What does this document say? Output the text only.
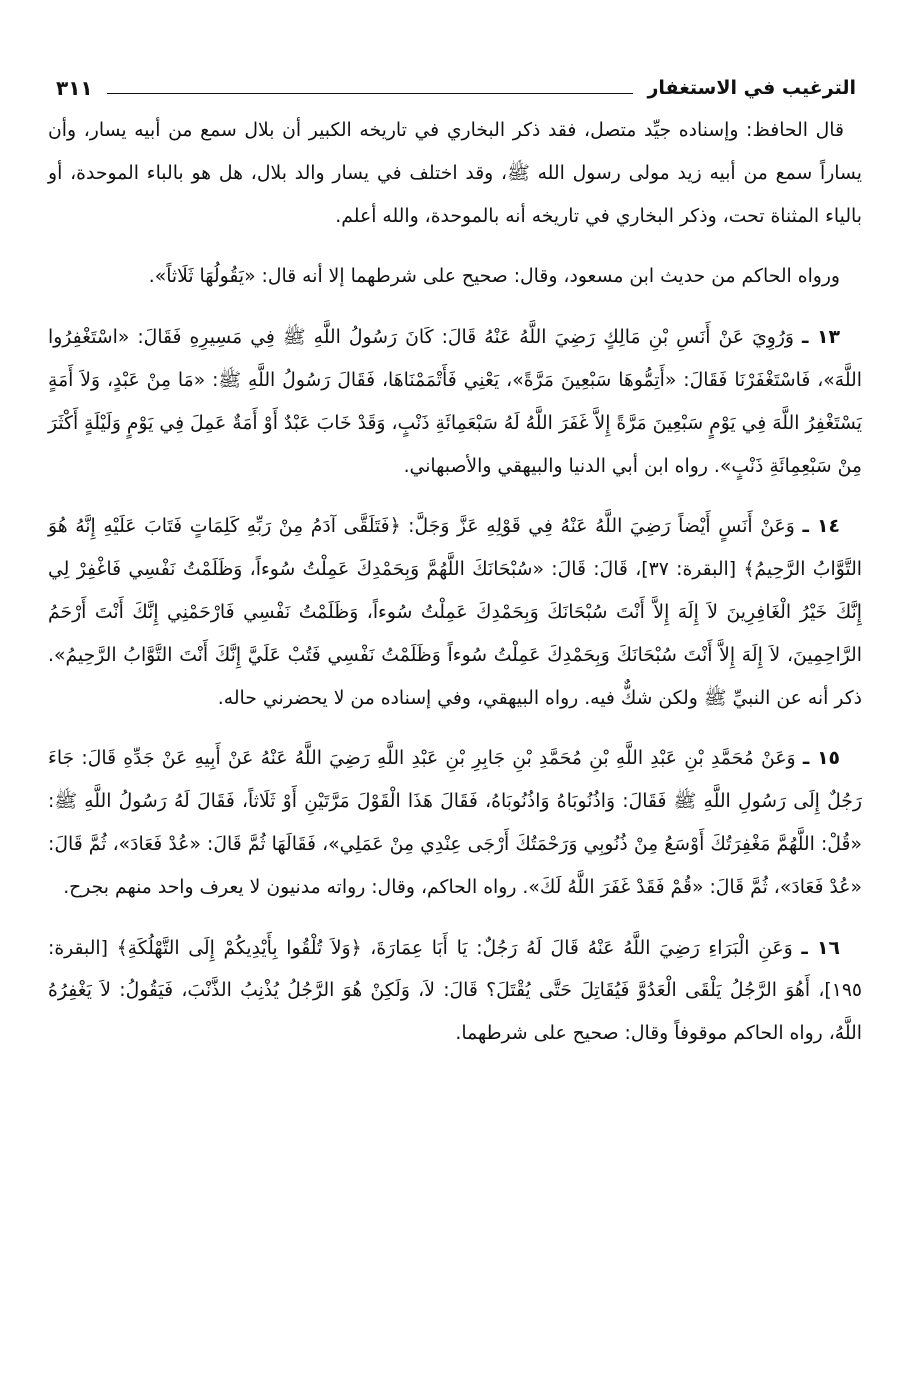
الترغيب في الاستغفار
٣١١

قال الحافظ: وإسناده جيِّد متصل، فقد ذكر البخاري في تاريخه الكبير أن بلال سمع من أبيه يسار، وأن يساراً سمع من أبيه زيد مولى رسول الله ﷺ، وقد اختلف في يسار والد بلال، هل هو بالباء الموحدة، أو بالياء المثناة تحت، وذكر البخاري في تاريخه أنه بالموحدة، والله أعلم.

ورواه الحاكم من حديث ابن مسعود، وقال: صحيح على شرطهما إلا أنه قال: «يَقُولُهَا ثَلَاثاً».

١٣ ـ وَرُوِيَ عَنْ أَنَسِ بْنِ مَالِكٍ رَضِيَ اللَّهُ عَنْهُ قَالَ: كَانَ رَسُولُ اللَّهِ ﷺ فِي مَسِيرِهِ فَقَالَ: «اسْتَغْفِرُوا اللَّهَ»، فَاسْتَغْفَرْنَا فَقَالَ: «أَتِمُّوهَا سَبْعِينَ مَرَّةً»، يَعْنِي فَأَتْمَمْنَاهَا، فَقَالَ رَسُولُ اللَّهِ ﷺ: «مَا مِنْ عَبْدٍ، وَلاَ أَمَةٍ يَسْتَغْفِرُ اللَّهَ فِي يَوْمٍ سَبْعِينَ مَرَّةً إِلاَّ غَفَرَ اللَّهُ لَهُ سَبْعَمِائَةِ ذَنْبٍ، وَقَدْ خَابَ عَبْدٌ أَوْ أَمَةٌ عَمِلَ فِي يَوْمٍ وَلَيْلَةٍ أَكْثَرَ مِنْ سَبْعِمِائَةِ ذَنْبٍ». رواه ابن أبي الدنيا والبيهقي والأصبهاني.

١٤ ـ وَعَنْ أَنَسٍ أَيْضاً رَضِيَ اللَّهُ عَنْهُ فِي قَوْلِهِ عَزَّ وَجَلَّ: ﴿فَتَلَقَّى آدَمُ مِنْ رَبِّهِ كَلِمَاتٍ فَتَابَ عَلَيْهِ إِنَّهُ هُوَ التَّوَّابُ الرَّحِيمُ﴾ [البقرة: ٣٧]، قَالَ: قَالَ: «سُبْحَانَكَ اللَّهُمَّ وَبِحَمْدِكَ عَمِلْتُ سُوءاً، وَظَلَمْتُ نَفْسِي فَاغْفِرْ لِي إِنَّكَ خَيْرُ الْغَافِرِينَ لاَ إِلَهَ إِلاَّ أَنْتَ سُبْحَانَكَ وَبِحَمْدِكَ عَمِلْتُ سُوءاً، وَظَلَمْتُ نَفْسِي فَارْحَمْنِي إِنَّكَ أَنْتَ أَرْحَمُ الرَّاحِمِينَ، لاَ إِلَهَ إِلاَّ أَنْتَ سُبْحَانَكَ وَبِحَمْدِكَ عَمِلْتُ سُوءاً وَظَلَمْتُ نَفْسِي فَتُبْ عَلَيَّ إِنَّكَ أَنْتَ التَّوَّابُ الرَّحِيمُ». ذكر أنه عن النبيِّ ﷺ ولكن شكٌّ فيه. رواه البيهقي، وفي إسناده من لا يحضرني حاله.

١٥ ـ وَعَنْ مُحَمَّدِ بْنِ عَبْدِ اللَّهِ بْنِ مُحَمَّدِ بْنِ جَابِرِ بْنِ عَبْدِ اللَّهِ رَضِيَ اللَّهُ عَنْهُ عَنْ أَبِيهِ عَنْ جَدِّهِ قَالَ: جَاءَ رَجُلٌ إِلَى رَسُولِ اللَّهِ ﷺ فَقَالَ: وَاذُنُوبَاهُ وَاذُنُوبَاهُ، فَقَالَ هَذَا الْقَوْلَ مَرَّتَيْنِ أَوْ ثَلَاثاً، فَقَالَ لَهُ رَسُولُ اللَّهِ ﷺ: «قُلْ: اللَّهُمَّ مَغْفِرَتُكَ أَوْسَعُ مِنْ ذُنُوبِي وَرَحْمَتُكَ أَرْجَى عِنْدِي مِنْ عَمَلِي»، فَقَالَهَا ثُمَّ قَالَ: «عُدْ فَعَادَ»، ثُمَّ قَالَ: «عُدْ فَعَادَ»، ثُمَّ قَالَ: «قُمْ فَقَدْ غَفَرَ اللَّهُ لَكَ». رواه الحاكم، وقال: رواته مدنيون لا يعرف واحد منهم بجرح.

١٦ ـ وَعَنِ الْبَرَاءِ رَضِيَ اللَّهُ عَنْهُ قَالَ لَهُ رَجُلٌ: يَا أَبَا عِمَارَةَ، ﴿وَلاَ تُلْقُوا بِأَيْدِيكُمْ إِلَى التَّهْلُكَةِ﴾ [البقرة: ١٩٥]، أَهُوَ الرَّجُلُ يَلْقَى الْعَدُوَّ فَيُقَاتِلَ حَتَّى يُقْتَلَ؟ قَالَ: لاَ، وَلَكِنْ هُوَ الرَّجُلُ يُذْنِبُ الذَّنْبَ، فَيَقُولُ: لاَ يَغْفِرُهُ اللَّهُ، رواه الحاكم موقوفاً وقال: صحيح على شرطهما.
